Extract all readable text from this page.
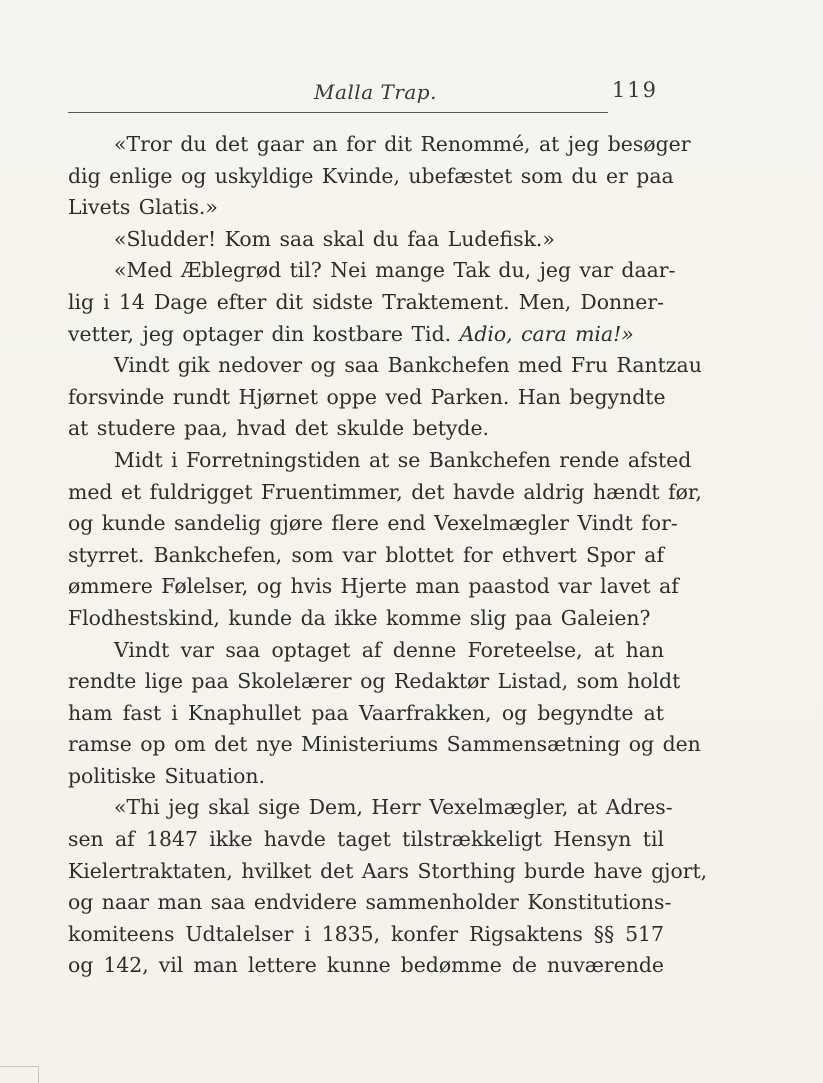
Malla Trap.	119
«Tror du det gaar an for dit Renommé, at jeg besøger
dig enlige og uskyldige Kvinde, ubefæstet som du er paa
Livets Glatis.»
«Sludder! Kom saa skal du faa Ludefisk.»
«Med Æblegrød til? Nei mange Tak du, jeg var daar-
lig i 14 Dage efter dit sidste Traktement. Men, Donner-
vetter, jeg optager din kostbare Tid. Adio, cara mia!»
Vindt gik nedover og saa Bankchefen med Fru Rantzau
forsvinde rundt Hjørnet oppe ved Parken. Han begyndte
at studere paa, hvad det skulde betyde.
Midt i Forretningstiden at se Bankchefen rende afsted
med et fuldrigget Fruentimmer, det havde aldrig hændt før,
og kunde sandelig gjøre flere end Vexelmægler Vindt for-
styrret. Bankchefen, som var blottet for ethvert Spor af
ømmere Følelser, og hvis Hjerte man paastod var lavet af
Flodhestskind, kunde da ikke komme slig paa Galeien?
Vindt var saa optaget af denne Foreteelse, at han
rendte lige paa Skolelærer og Redaktør Listad, som holdt
ham fast i Knaphullet paa Vaarfrakken, og begyndte at
ramse op om det nye Ministeriums Sammensætning og den
politiske Situation.
«Thi jeg skal sige Dem, Herr Vexelmægler, at Adres-
sen af 1847 ikke havde taget tilstrækkeligt Hensyn til
Kielertraktaten, hvilket det Aars Storthing burde have gjort,
og naar man saa endvidere sammenholder Konstitutions-
komiteens Udtalelser i 1835, konfer Rigsaktens §§ 517
og 142, vil man lettere kunne bedømme de nuværende
